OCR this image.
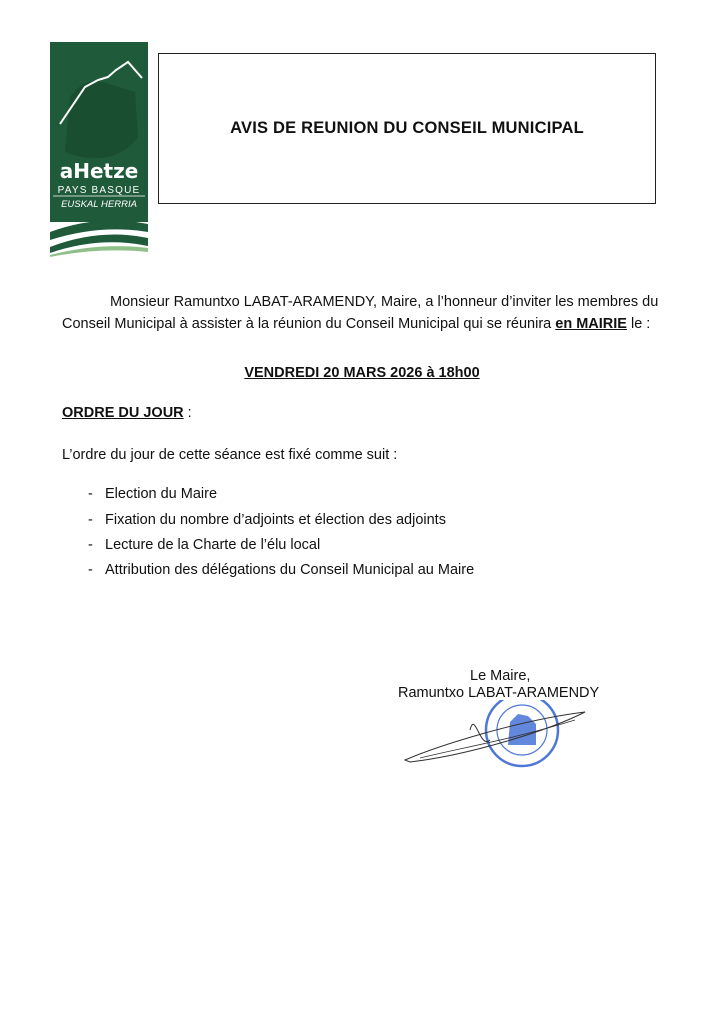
aHetze
PAYS BASQUE
EUSKAL HERRIA
AVIS DE REUNION DU CONSEIL MUNICIPAL
Monsieur Ramuntxo LABAT-ARAMENDY, Maire, a l’honneur d’inviter les membres du
Conseil Municipal à assister à la réunion du Conseil Municipal qui se réunira en MAIRIE le :
VENDREDI 20 MARS 2026 à 18h00
ORDRE DU JOUR :
L’ordre du jour de cette séance est fixé comme suit :
- Election du Maire
- Fixation du nombre d’adjoints et élection des adjoints
- Lecture de la Charte de l’élu local
- Attribution des délégations du Conseil Municipal au Maire
Le Maire,
Ramuntxo LABAT-ARAMENDY
